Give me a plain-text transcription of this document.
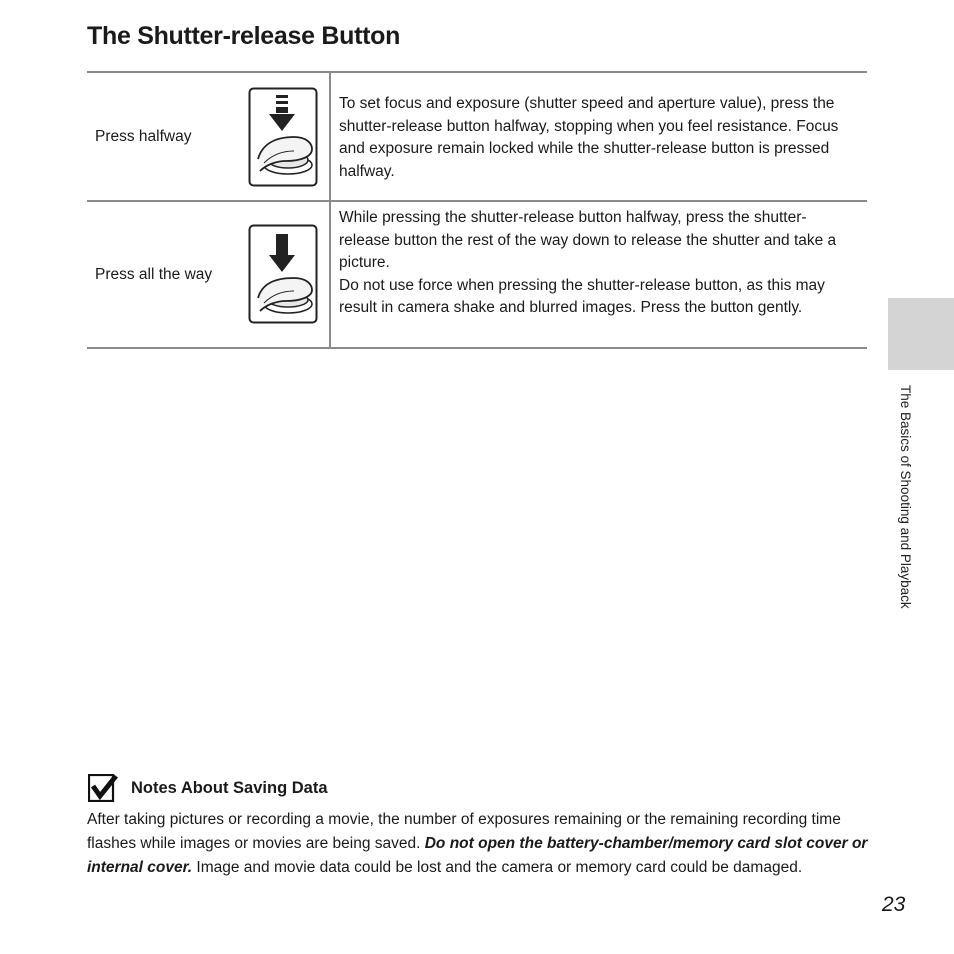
The Shutter-release Button
Press halfway

To set focus and exposure (shutter speed and aperture value), press the shutter-release button halfway, stopping when you feel resistance. Focus and exposure remain locked while the shutter-release button is pressed halfway.

Press all the way

While pressing the shutter-release button halfway, press the shutter-release button the rest of the way down to release the shutter and take a picture.

Do not use force when pressing the shutter-release button, as this may result in camera shake and blurred images. Press the button gently.

The Basics of Shooting and Playback
Notes About Saving Data

After taking pictures or recording a movie, the number of exposures remaining or the remaining recording time flashes while images or movies are being saved. Do not open the battery-chamber/memory card slot cover or internal cover. Image and movie data could be lost and the camera or memory card could be damaged.

23
